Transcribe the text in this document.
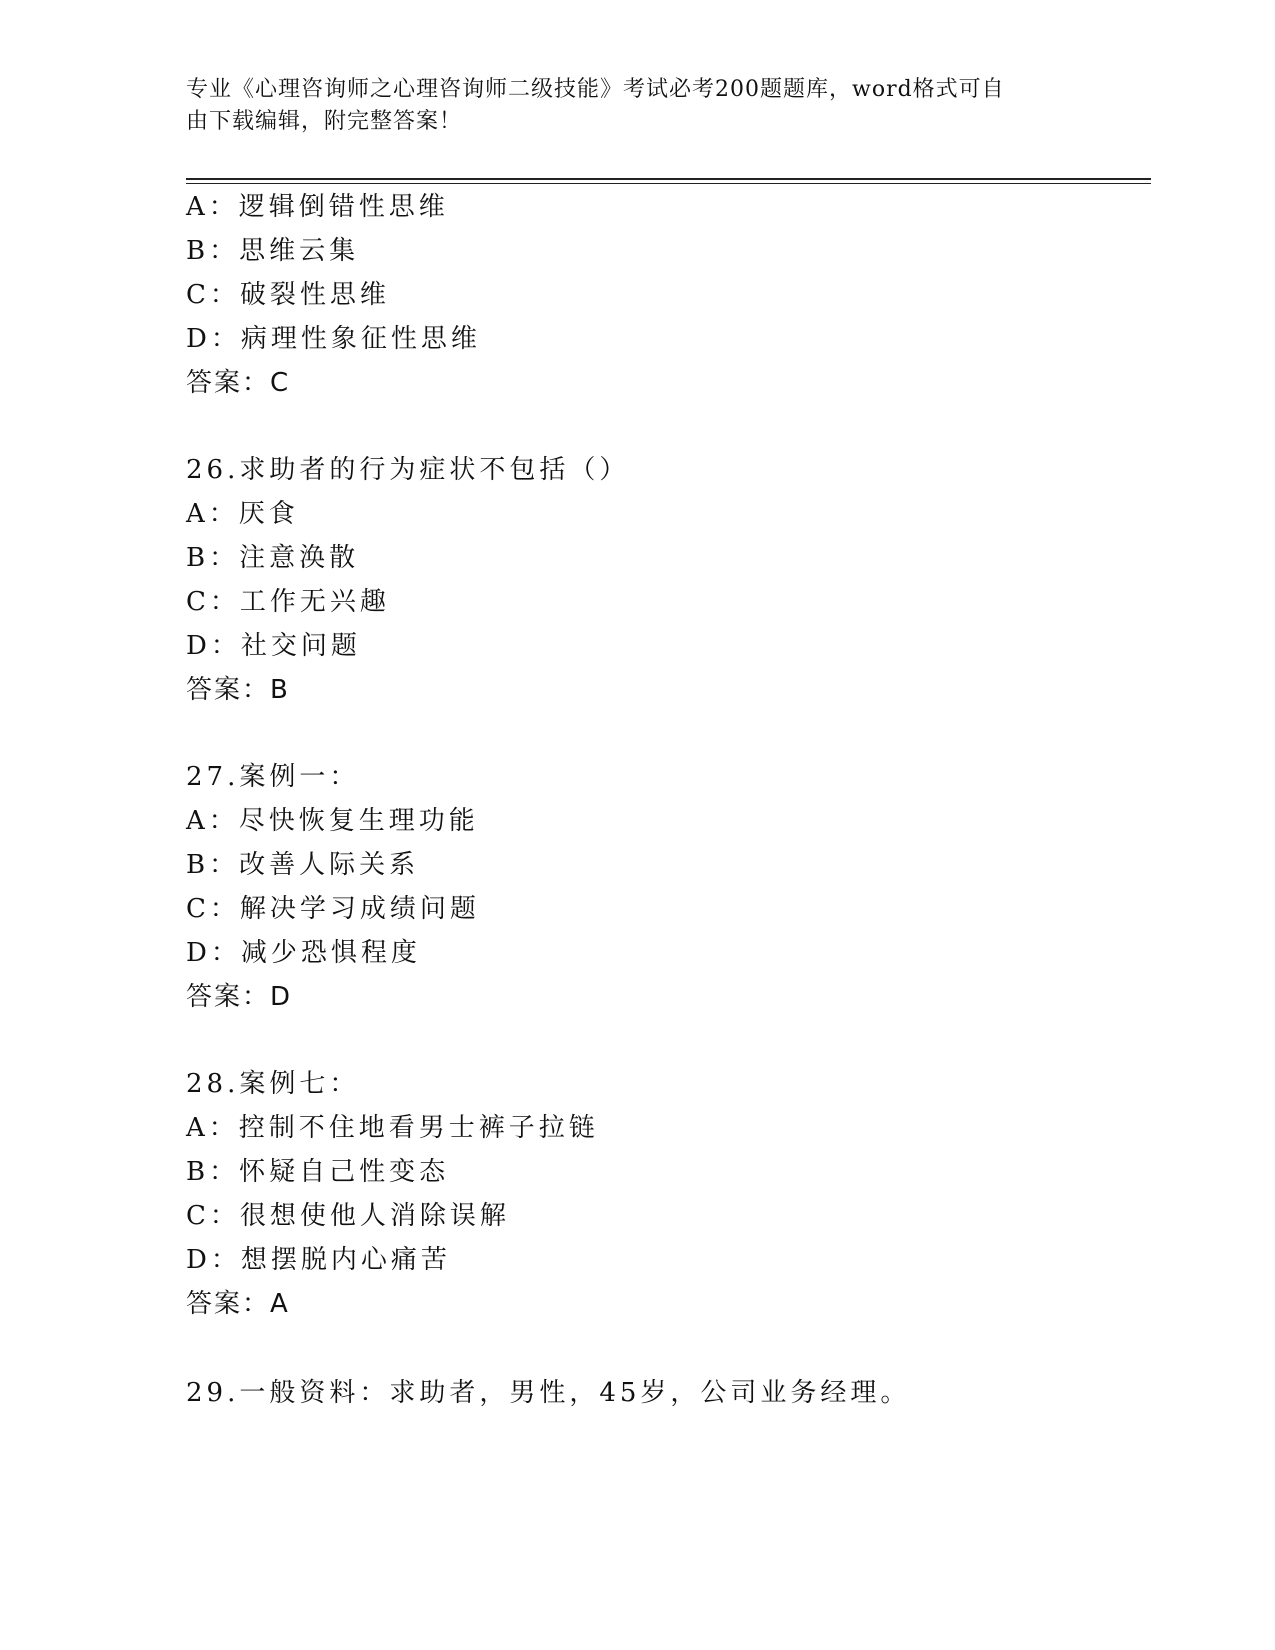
专业《心理咨询师之心理咨询师二级技能》考试必考200题题库，word格式可自
由下载编辑，附完整答案！
A：逻辑倒错性思维
B：思维云集
C：破裂性思维
D：病理性象征性思维
答案：C
26.求助者的行为症状不包括（）
A：厌食
B：注意涣散
C：工作无兴趣
D：社交问题
答案：B
27.案例一：
A：尽快恢复生理功能
B：改善人际关系
C：解决学习成绩问题
D：减少恐惧程度
答案：D
28.案例七：
A：控制不住地看男士裤子拉链
B：怀疑自己性变态
C：很想使他人消除误解
D：想摆脱内心痛苦
答案：A
29.一般资料：求助者，男性，45岁，公司业务经理。
